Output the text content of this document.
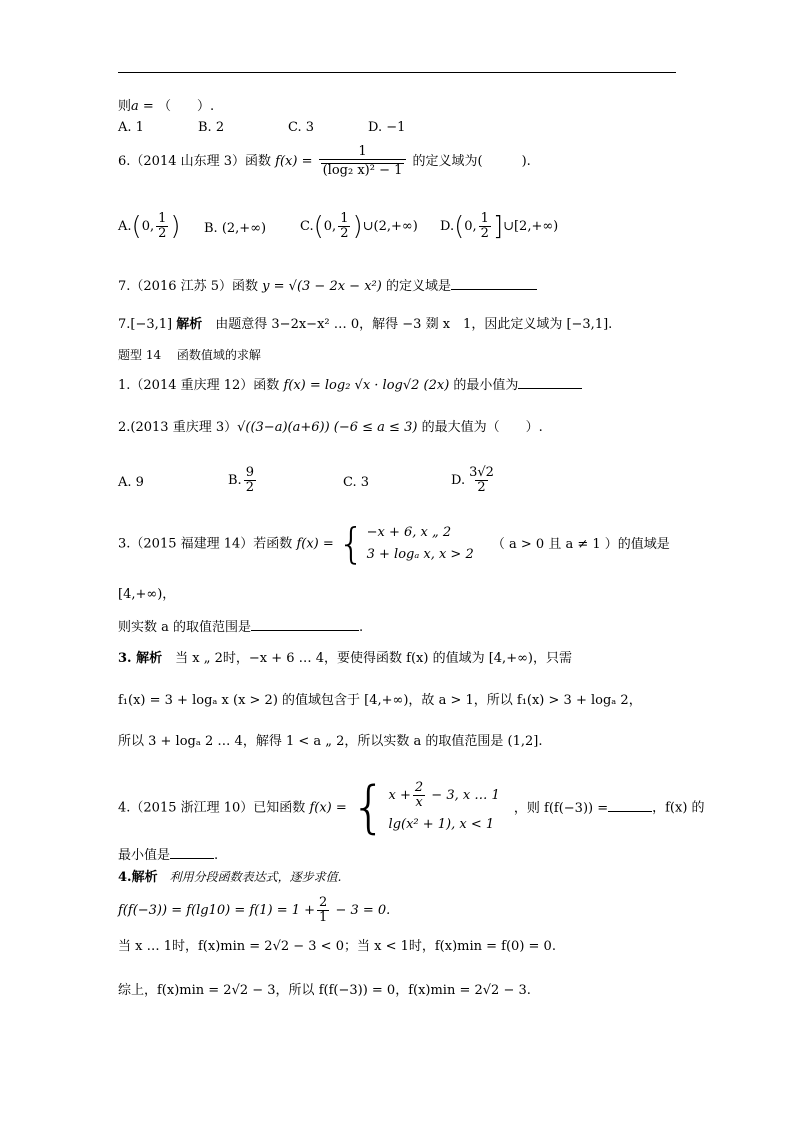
则a = （　　）.
A. 1	B. 2	C. 3	D. −1
6.（2014 山东理 3）函数 $f(x) = \frac{1}{\text{(log₂ x)² − 1}}$ 的定义域为(　　　).
A.(0, $\frac{1}{2}$ ) B. (2,+∞)	C.(0, $\frac{1}{2}$ )∪(2,+∞) D.(0, $\frac{1}{2}$ ]∪[2,+∞)
7.（2016 江苏 5）函数 y = √(3 − 2x − x²) 的定义域是
7.[−3,1] 解析　由题意得 3−2x−x² … 0，解得 −3 剟 x　1，因此定义域为 [−3,1].
题型 14　 函数值域的求解
1.（2014 重庆理 12）函数 f(x) = log₂ √x · log√2 (2x) 的最小值为
2.(2013 重庆理 3）√((3−a)(a+6)) (−6 ≤ a ≤ 3) 的最大值为（　　）.
A. 9	B. $\frac{9}{2}$	C. 3	D. $\frac{3√2}{2}$
3.（2015 福建理 14）若函数 f(x) = { −x + 6, x „ 2
3 + logₐ x, x > 2
（ a > 0 且 a ≠ 1 ）的值域是
[4,+∞)，
则实数 a 的取值范围是	.
3. 解析　当 x „ 2时，−x + 6 … 4，要使得函数 f(x) 的值域为 [4,+∞)，只需
f₁(x) = 3 + logₐ x (x > 2) 的值域包含于 [4,+∞)，故 a > 1，所以 f₁(x) > 3 + logₐ 2，
所以 3 + logₐ 2 … 4，解得 1 < a „ 2，所以实数 a 的取值范围是 (1,2].
4.（2015 浙江理 10）已知函数 f(x) = { $x + \frac{2}{x} - 3$, x … 1
lg(x² + 1), x < 1
，则 f(f(−3)) =	，f(x) 的
最小值是	.
4.解析　利用分段函数表达式，逐步求值.
$f(f(-3)) = f(\lg 10) = f(1) = 1 + \frac{2}{1} - 3 = 0$.
当 x … 1时，f(x)min = 2√2 − 3 < 0；当 x < 1时，f(x)min = f(0) = 0.
综上，f(x)min = 2√2 − 3，所以 f(f(−3)) = 0，f(x)min = 2√2 − 3.
